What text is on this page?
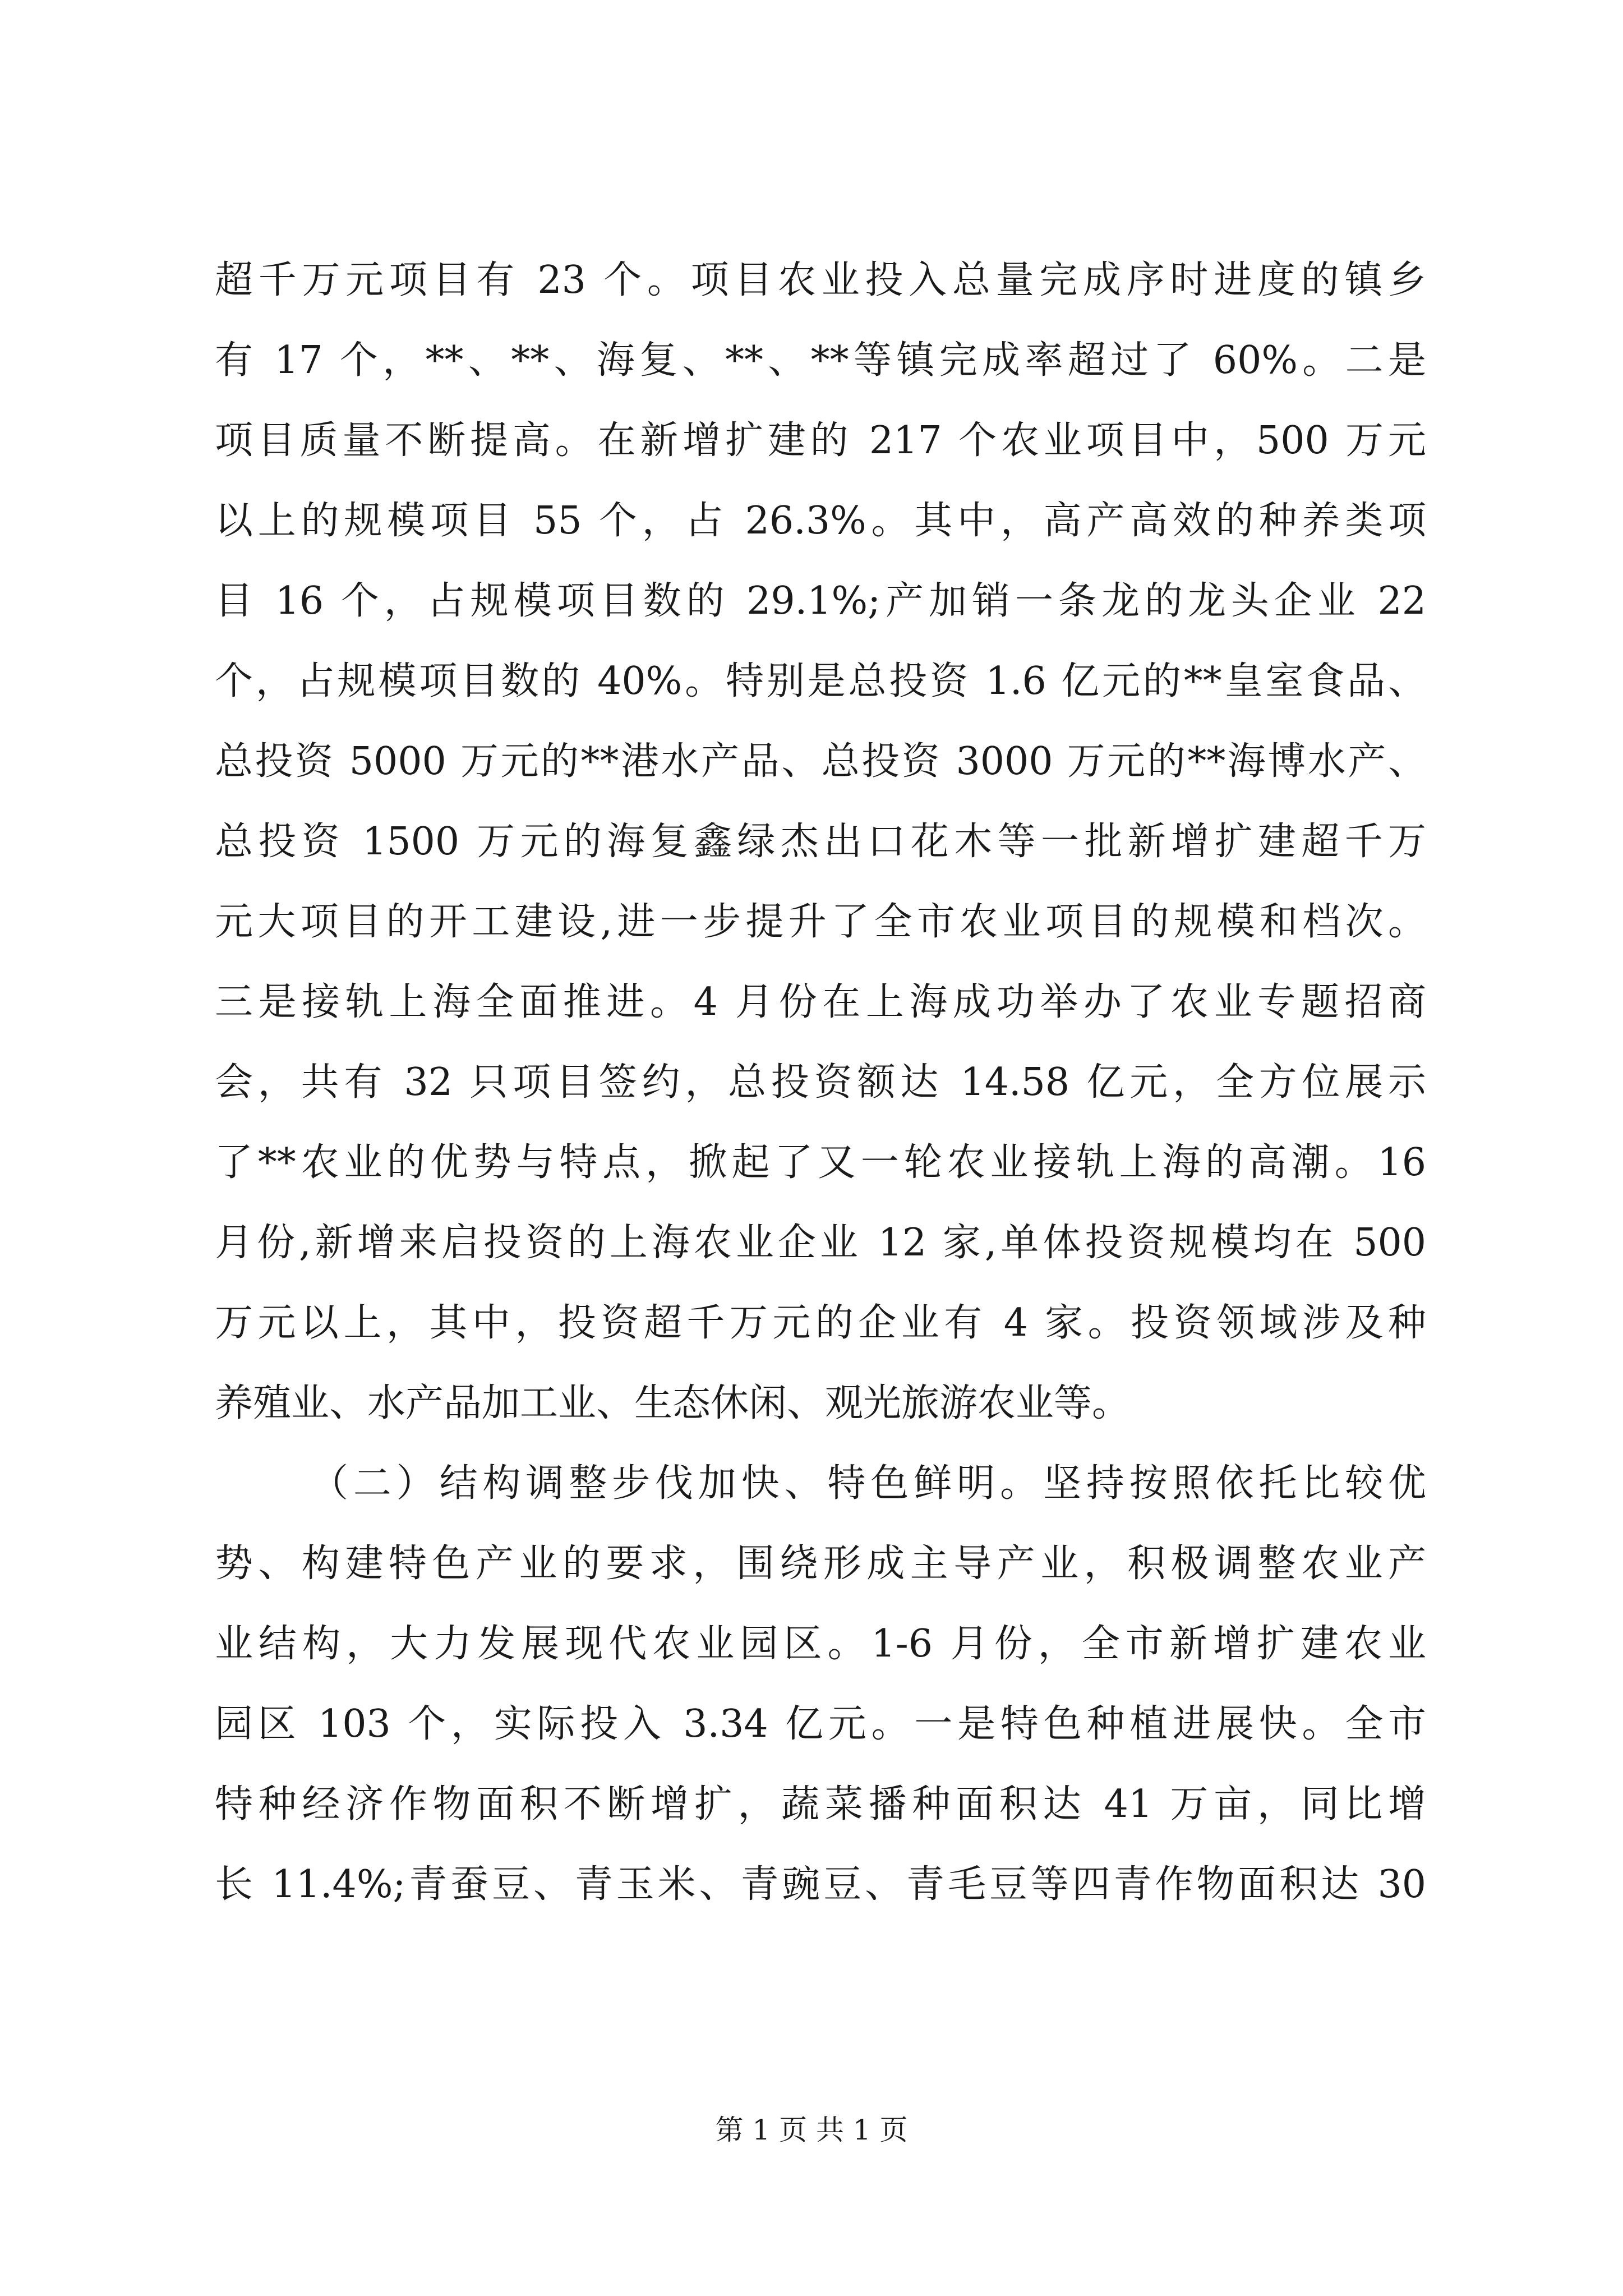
超千万元项目有 23 个。项目农业投入总量完成序时进度的镇乡
有 17 个，**、**、海复、**、**等镇完成率超过了 60%。二是
项目质量不断提高。在新增扩建的 217 个农业项目中，500 万元
以上的规模项目 55 个，占 26.3%。其中，高产高效的种养类项
目 16 个，占规模项目数的 29.1%;产加销一条龙的龙头企业 22
个，占规模项目数的 40%。特别是总投资 1.6 亿元的**皇室食品、
总投资 5000 万元的**港水产品、总投资 3000 万元的**海博水产、
总投资 1500 万元的海复鑫绿杰出口花木等一批新增扩建超千万
元大项目的开工建设,进一步提升了全市农业项目的规模和档次。
三是接轨上海全面推进。4 月份在上海成功举办了农业专题招商
会，共有 32 只项目签约，总投资额达 14.58 亿元，全方位展示
了**农业的优势与特点，掀起了又一轮农业接轨上海的高潮。16
月份,新增来启投资的上海农业企业 12 家,单体投资规模均在 500
万元以上，其中，投资超千万元的企业有 4 家。投资领域涉及种
养殖业、水产品加工业、生态休闲、观光旅游农业等。
（二）结构调整步伐加快、特色鲜明。坚持按照依托比较优
势、构建特色产业的要求，围绕形成主导产业，积极调整农业产
业结构，大力发展现代农业园区。1-6 月份，全市新增扩建农业
园区 103 个，实际投入 3.34 亿元。一是特色种植进展快。全市
特种经济作物面积不断增扩，蔬菜播种面积达 41 万亩，同比增
长 11.4%;青蚕豆、青玉米、青豌豆、青毛豆等四青作物面积达 30
第 1 页 共 1 页
